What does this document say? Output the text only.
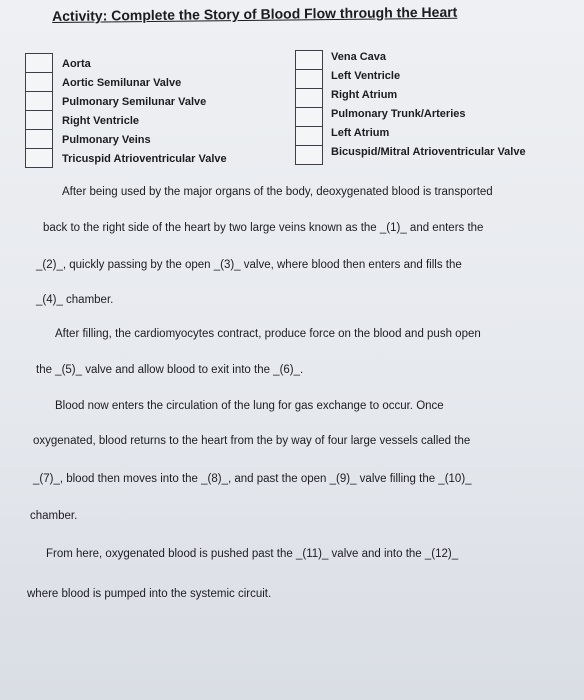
Activity: Complete the Story of Blood Flow through the Heart
Aorta
Aortic Semilunar Valve
Pulmonary Semilunar Valve
Right Ventricle
Pulmonary Veins
Tricuspid Atrioventricular Valve
Vena Cava
Left Ventricle
Right Atrium
Pulmonary Trunk/Arteries
Left Atrium
Bicuspid/Mitral Atrioventricular Valve
After being used by the major organs of the body, deoxygenated blood is transported
back to the right side of the heart by two large veins known as the _(1)_ and enters the
_(2)_, quickly passing by the open _(3)_ valve, where blood then enters and fills the
_(4)_ chamber.
After filling, the cardiomyocytes contract, produce force on the blood and push open
the _(5)_ valve and allow blood to exit into the _(6)_.
Blood now enters the circulation of the lung for gas exchange to occur. Once
oxygenated, blood returns to the heart from the by way of four large vessels called the
_(7)_, blood then moves into the _(8)_, and past the open _(9)_ valve filling the _(10)_
chamber.
From here, oxygenated blood is pushed past the _(11)_ valve and into the _(12)_
where blood is pumped into the systemic circuit.
